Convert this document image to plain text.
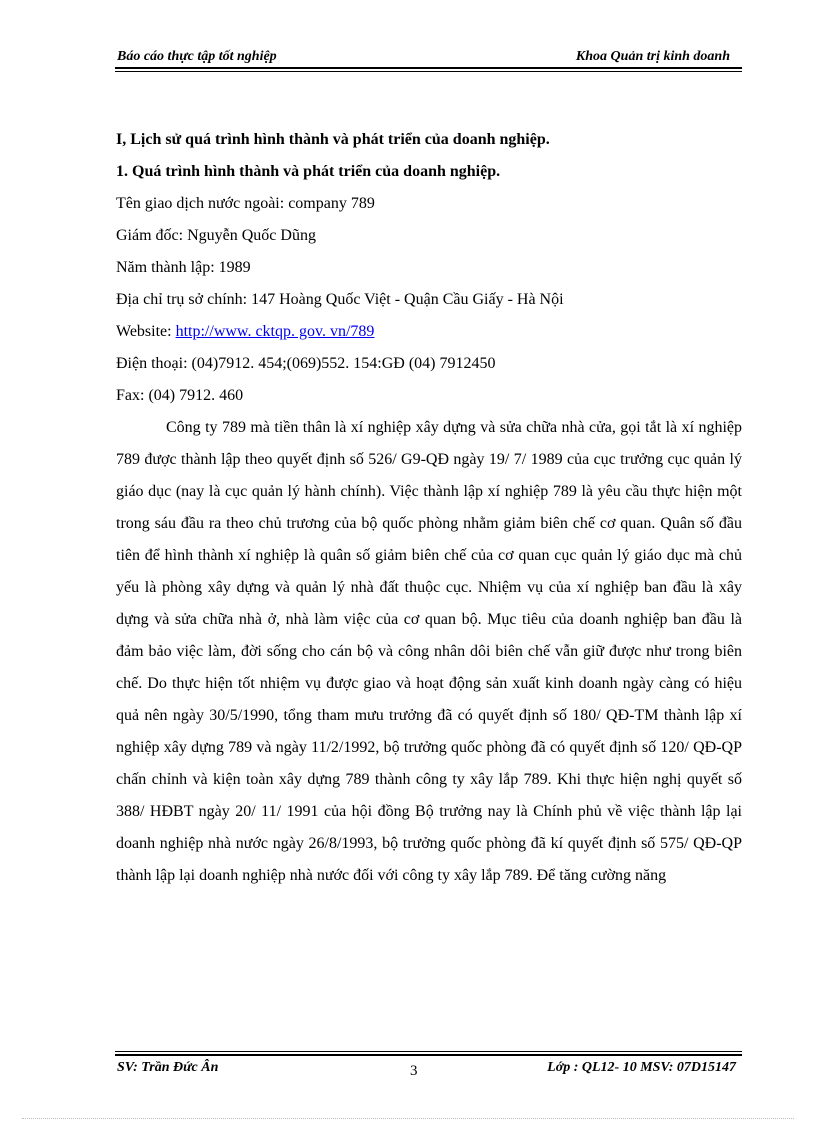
Báo cáo thực tập tốt nghiệp	Khoa Quản trị kinh doanh

I, Lịch sử quá trình hình thành và phát triển của doanh nghiệp.

1. Quá trình hình thành và phát triển của doanh nghiệp.

Tên giao dịch nước ngoài: company 789

Giám đốc: Nguyễn Quốc Dũng

Năm thành lập: 1989

Địa chỉ trụ sở chính: 147 Hoàng Quốc Việt - Quận Cầu Giấy - Hà Nội

Website: http://www. cktqp. gov. vn/789

Điện thoại: (04)7912. 454;(069)552. 154:GĐ (04) 7912450

Fax: (04) 7912. 460

Công ty 789 mà tiền thân là xí nghiệp xây dựng và sửa chữa nhà cửa, gọi tắt là xí nghiệp 789 được thành lập theo quyết định số 526/ G9-QĐ ngày 19/ 7/ 1989 của cục trưởng cục quản lý giáo dục (nay là cục quản lý hành chính). Việc thành lập xí nghiệp 789 là yêu cầu thực hiện một trong sáu đầu ra theo chủ trương của bộ quốc phòng nhằm giảm biên chế cơ quan. Quân số đầu tiên để hình thành xí nghiệp là quân số giảm biên chế của cơ quan cục quản lý giáo dục mà chủ yếu là phòng xây dựng và quản lý nhà đất thuộc cục. Nhiệm vụ của xí nghiệp ban đầu là xây dựng và sửa chữa nhà ở, nhà làm việc của cơ quan bộ. Mục tiêu của doanh nghiệp ban đầu là đảm bảo việc làm, đời sống cho cán bộ và công nhân dôi biên chế vẫn giữ được như trong biên chế. Do thực hiện tốt nhiệm vụ được giao và hoạt động sản xuất kinh doanh ngày càng có hiệu quả nên ngày 30/5/1990, tổng tham mưu trưởng đã có quyết định số 180/ QĐ-TM thành lập xí nghiệp xây dựng 789 và ngày 11/2/1992, bộ trưởng quốc phòng đã có quyết định số 120/ QĐ-QP chấn chỉnh và kiện toàn xây dựng 789 thành công ty xây lắp 789. Khi thực hiện nghị quyết số 388/ HĐBT ngày 20/ 11/ 1991 của hội đồng Bộ trưởng nay là Chính phủ về việc thành lập lại doanh nghiệp nhà nước ngày 26/8/1993, bộ trưởng quốc phòng đã kí quyết định số 575/ QĐ-QP thành lập lại doanh nghiệp nhà nước đối với công ty xây lắp 789. Để tăng cường năng

SV: Trần Đức Ân	3	Lớp : QL12- 10 MSV: 07D15147
